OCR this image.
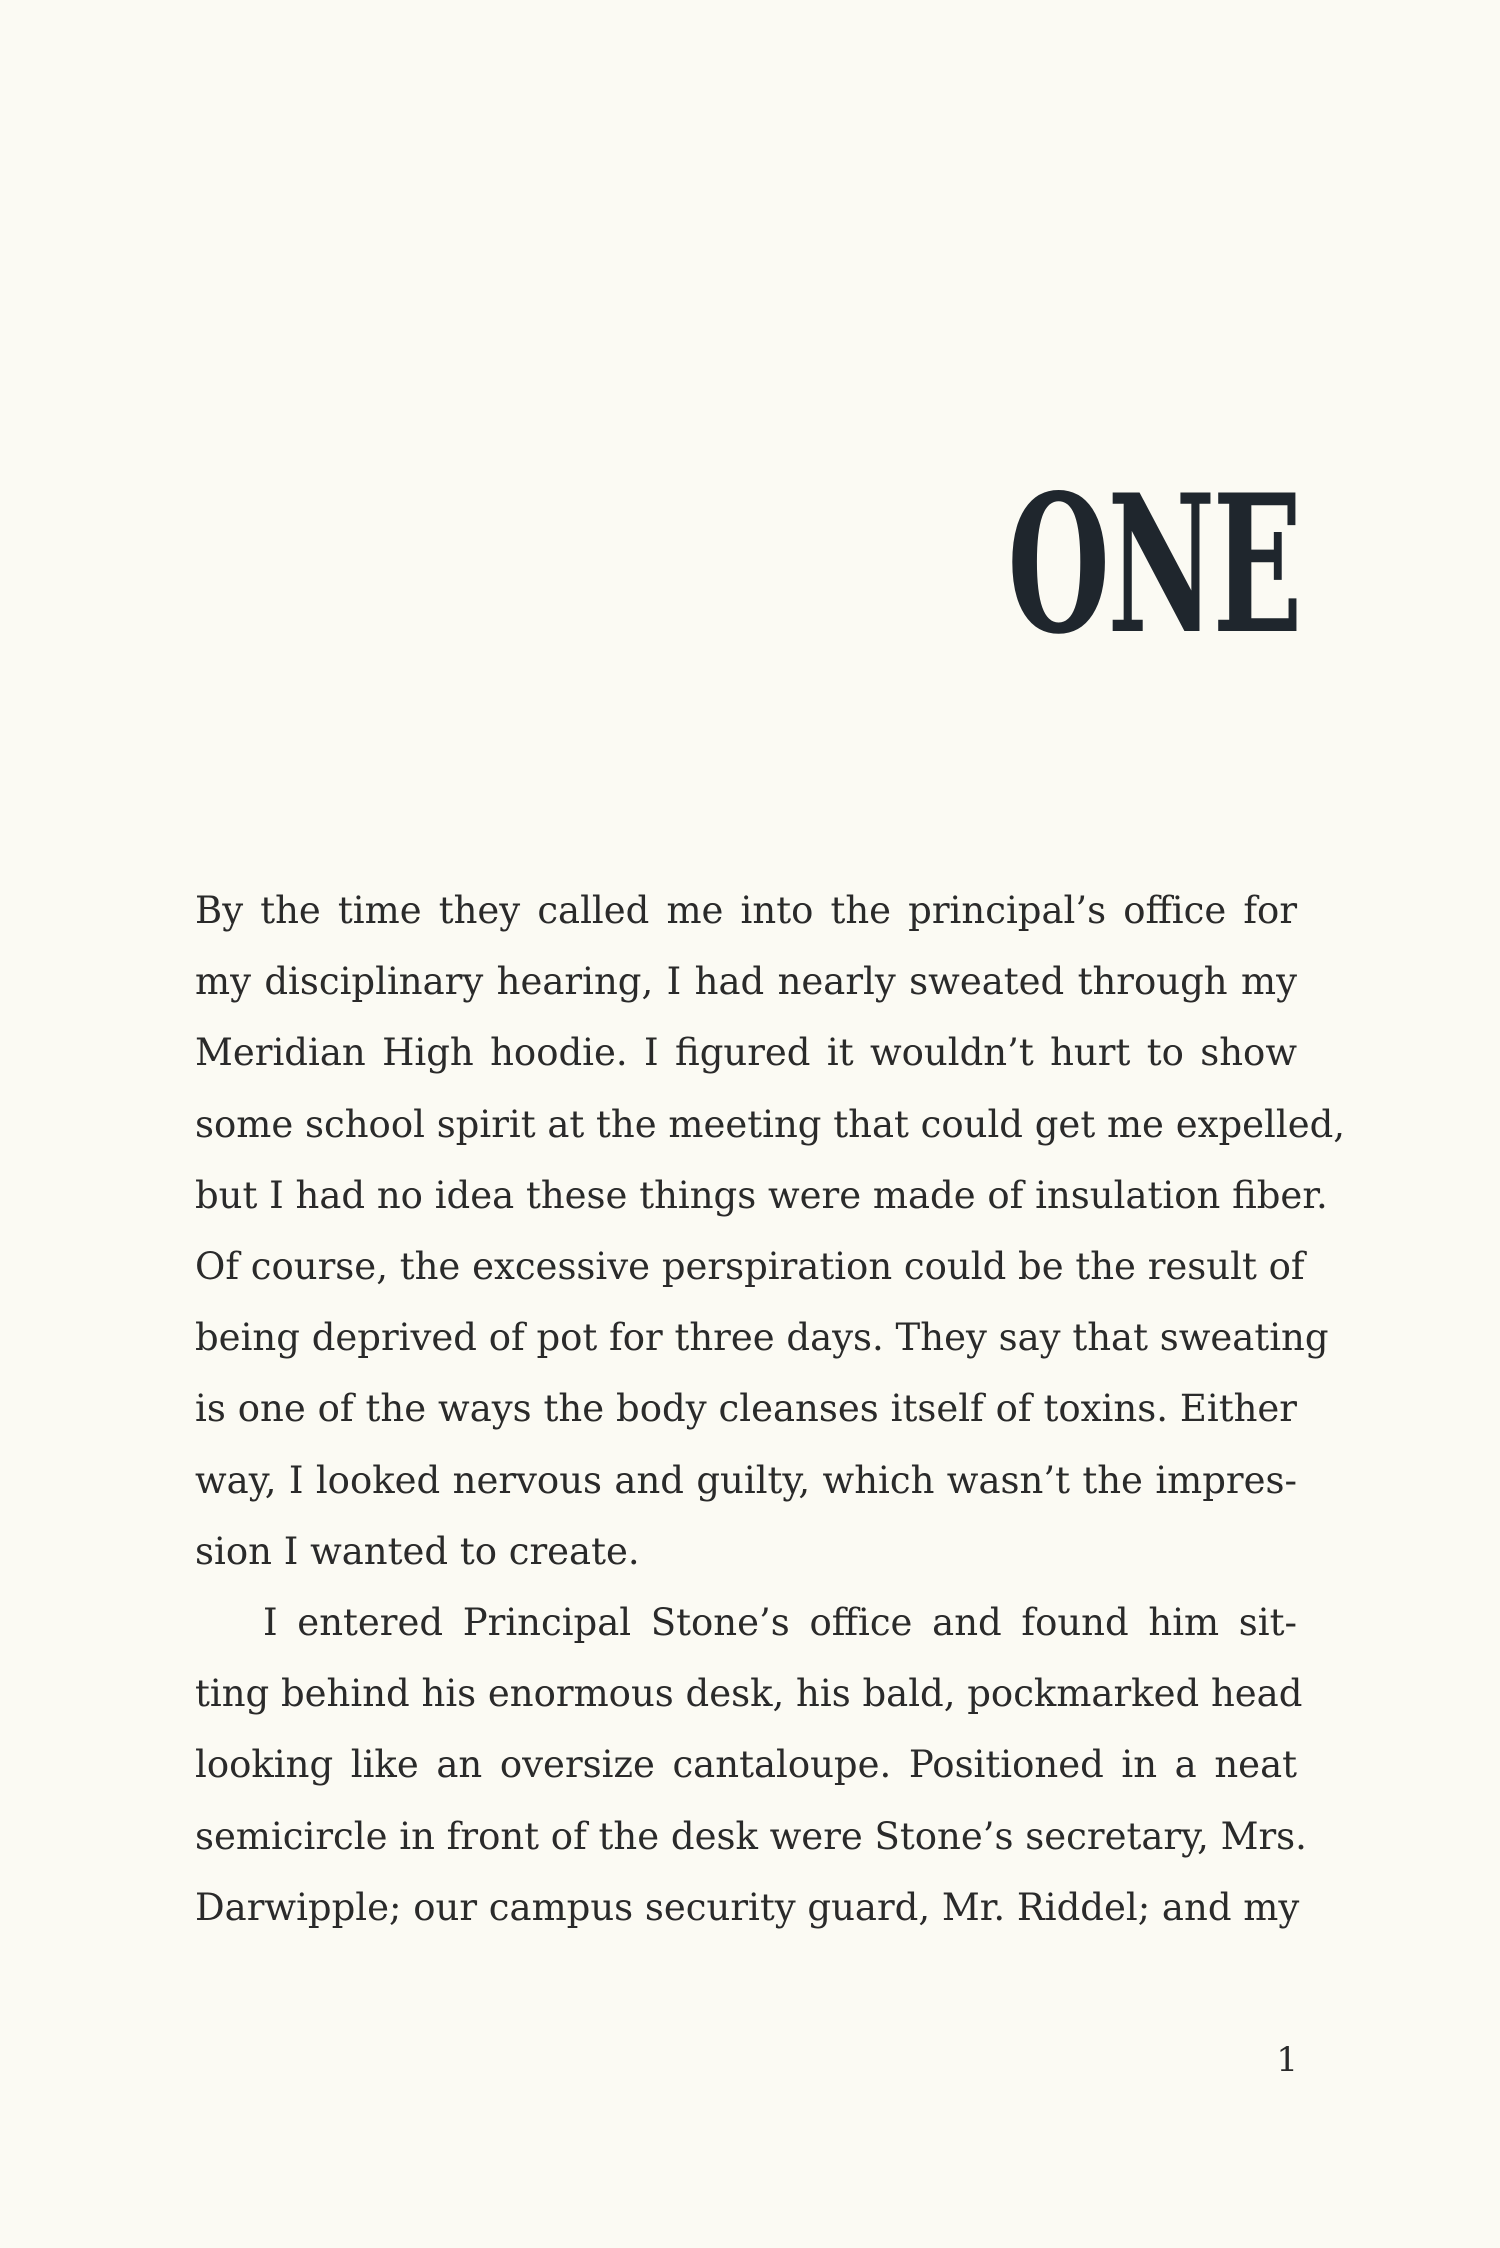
ONE

By the time they called me into the principal’s office for
my disciplinary hearing, I had nearly sweated through my
Meridian High hoodie. I figured it wouldn’t hurt to show
some school spirit at the meeting that could get me expelled,
but I had no idea these things were made of insulation fiber.
Of course, the excessive perspiration could be the result of
being deprived of pot for three days. They say that sweating
is one of the ways the body cleanses itself of toxins. Either
way, I looked nervous and guilty, which wasn’t the impres-
sion I wanted to create.

I entered Principal Stone’s office and found him sit-
ting behind his enormous desk, his bald, pockmarked head
looking like an oversize cantaloupe. Positioned in a neat
semicircle in front of the desk were Stone’s secretary, Mrs.
Darwipple; our campus security guard, Mr. Riddel; and my

1
